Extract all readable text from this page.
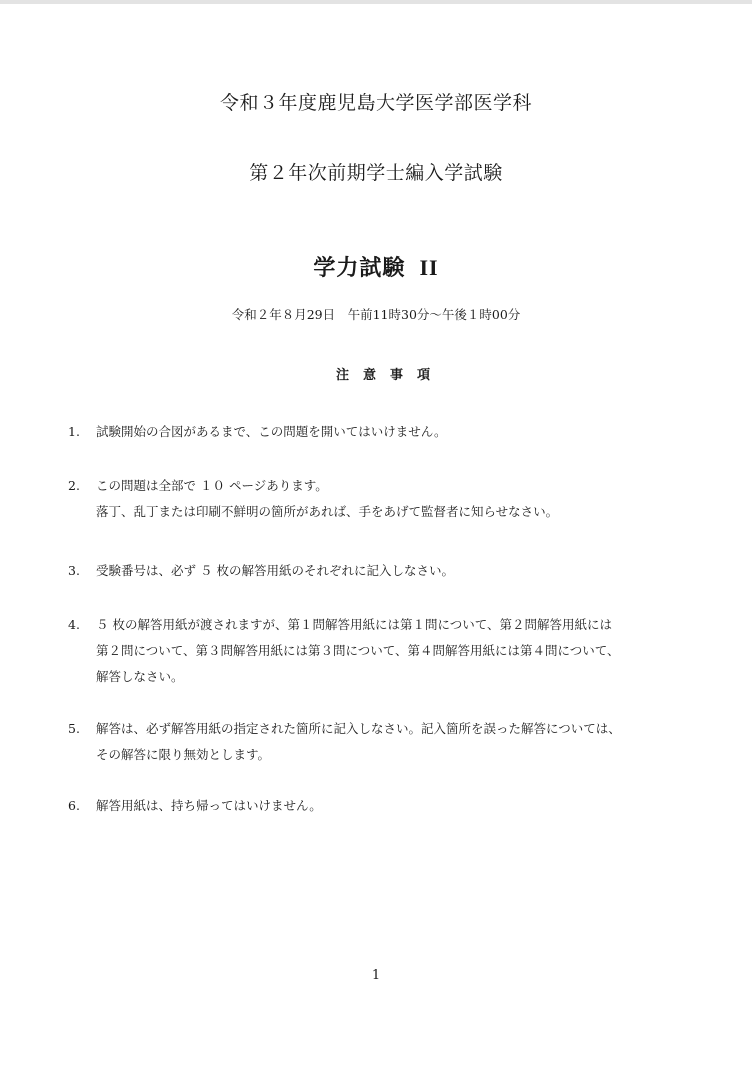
令和３年度鹿児島大学医学部医学科
第２年次前期学士編入学試験
学力試験 II
令和２年８月29日　午前11時30分〜午後１時00分
注意事項
1. 試験開始の合図があるまで、この問題を開いてはいけません。
2. この問題は全部で １０ ページあります。
落丁、乱丁または印刷不鮮明の箇所があれば、手をあげて監督者に知らせなさい。
3. 受験番号は、必ず ５ 枚の解答用紙のそれぞれに記入しなさい。
4. ５ 枚の解答用紙が渡されますが、第１問解答用紙には第１問について、第２問解答用紙には
第２問について、第３問解答用紙には第３問について、第４問解答用紙には第４問について、
解答しなさい。
5. 解答は、必ず解答用紙の指定された箇所に記入しなさい。記入箇所を誤った解答については、
その解答に限り無効とします。
6. 解答用紙は、持ち帰ってはいけません。
1
